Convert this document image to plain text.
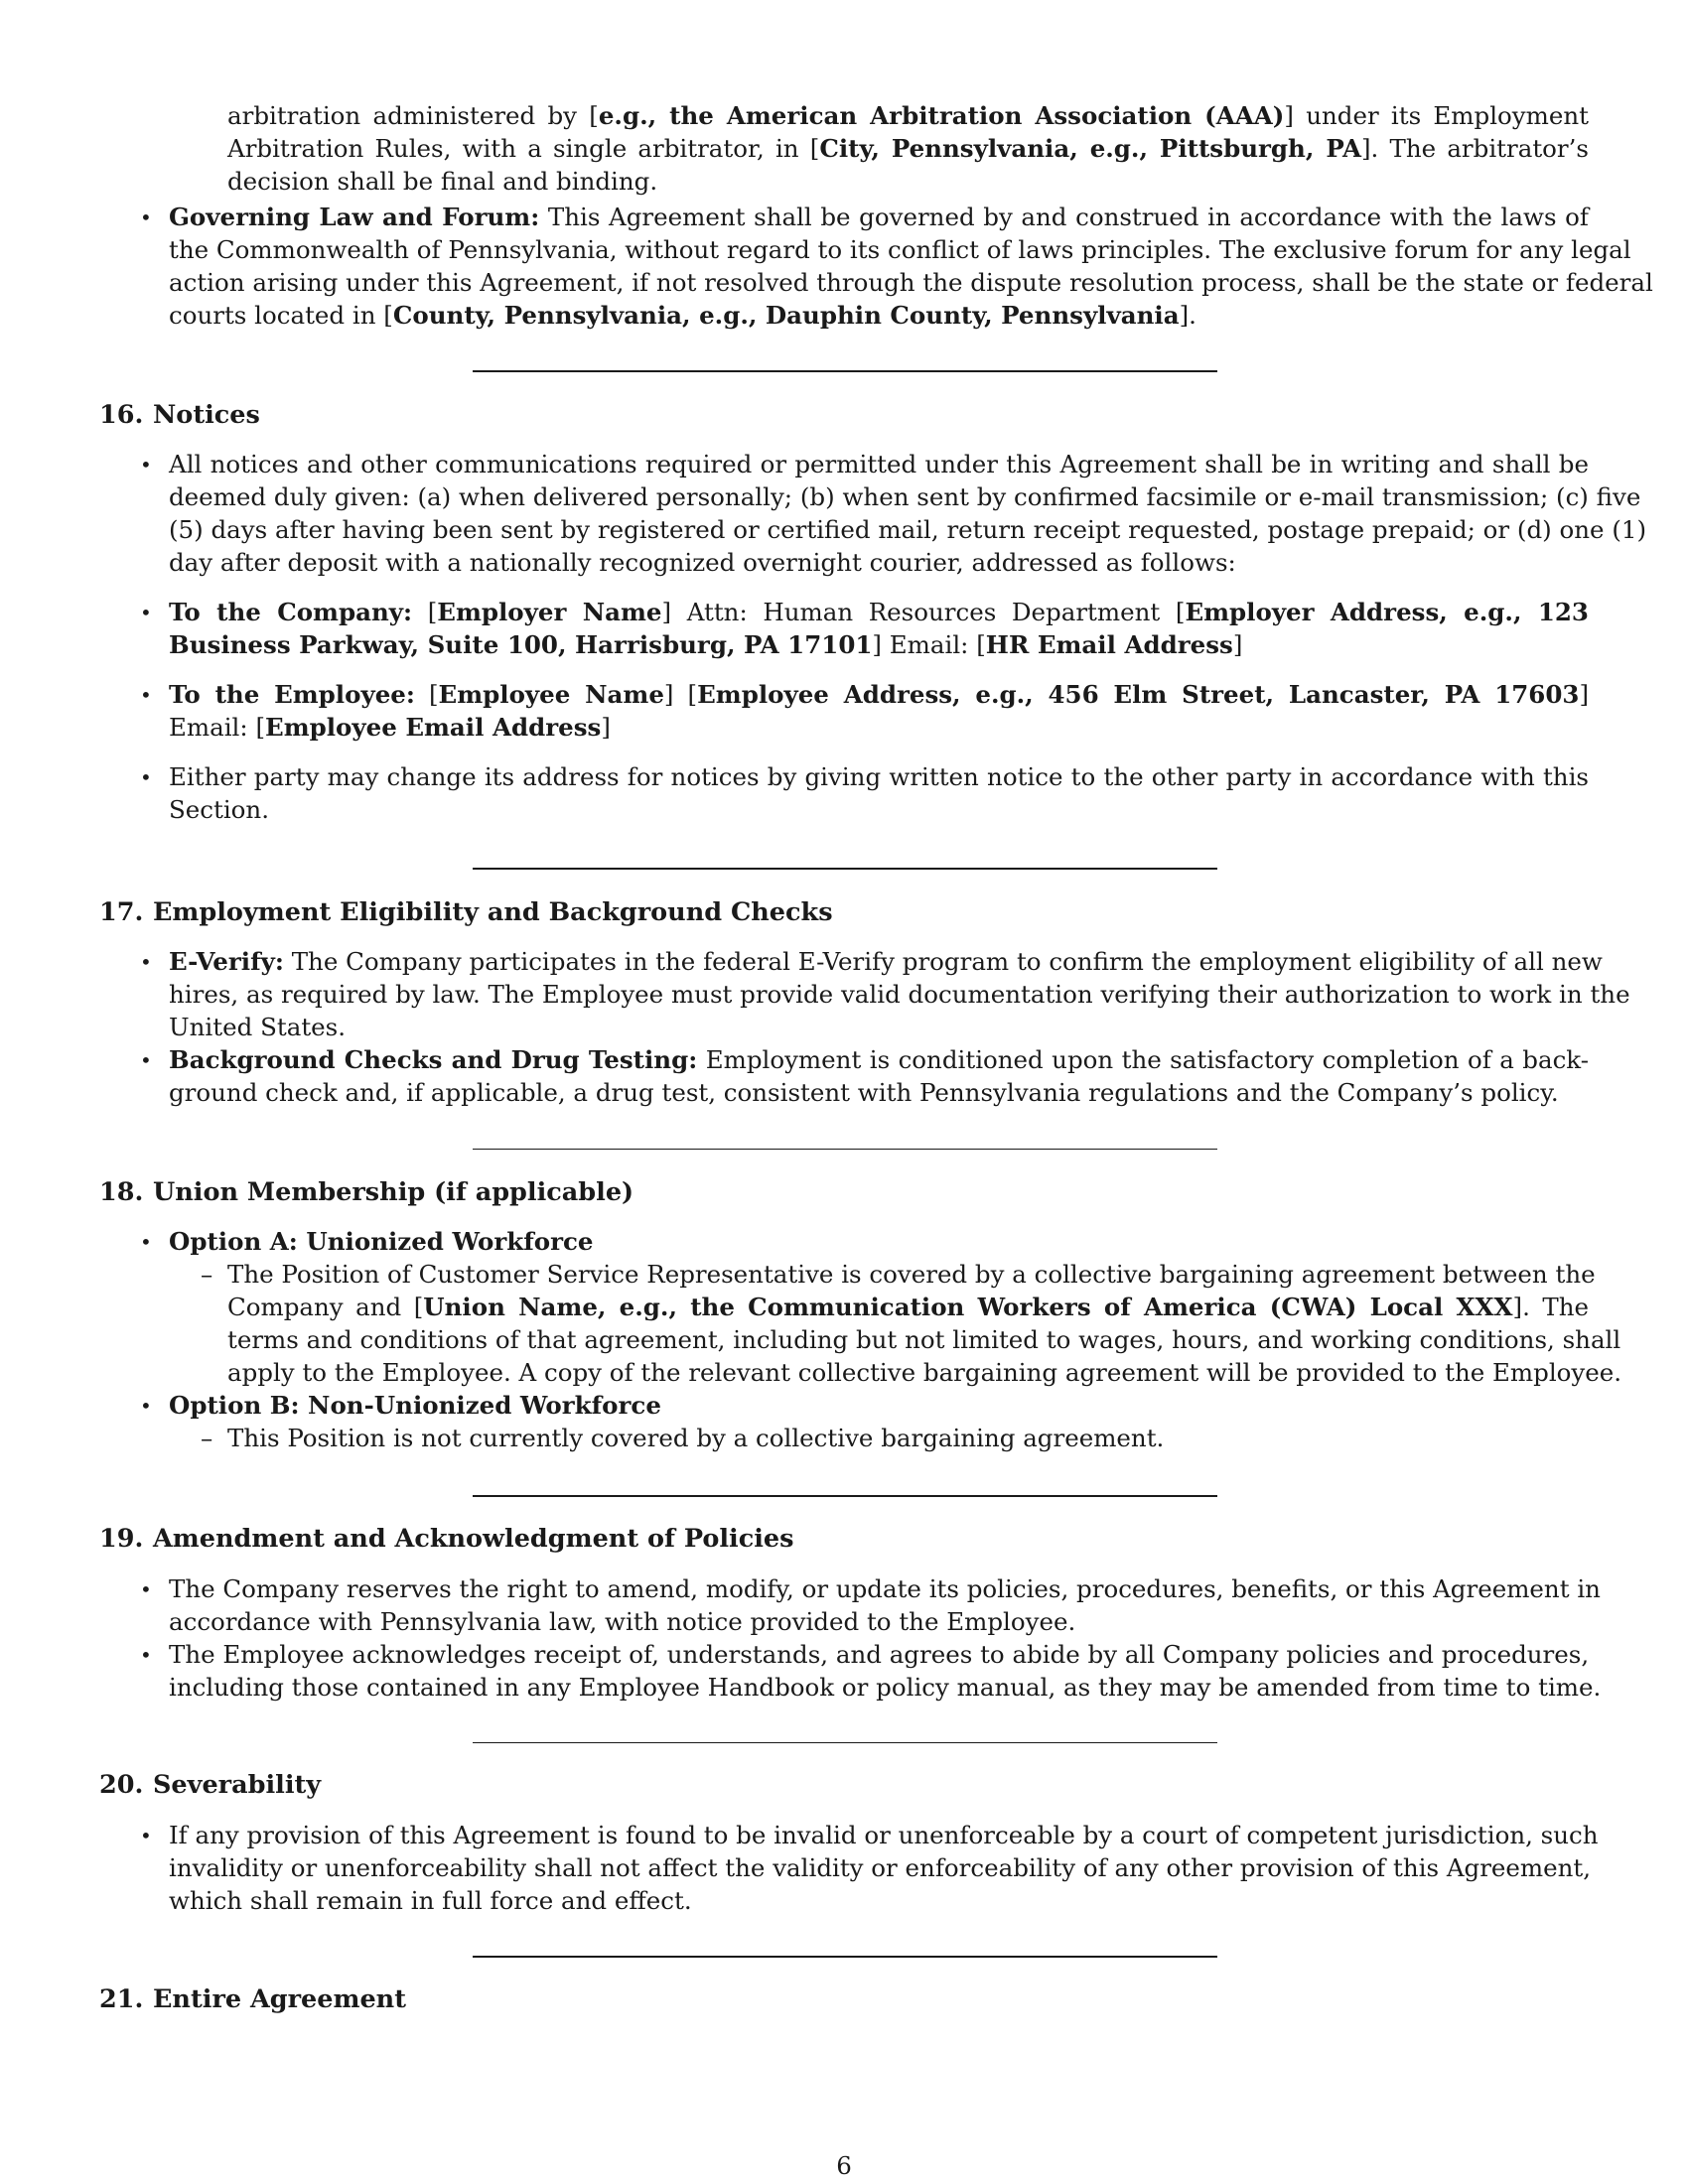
arbitration administered by [e.g., the American Arbitration Association (AAA)] under its Employment
Arbitration Rules, with a single arbitrator, in [City, Pennsylvania, e.g., Pittsburgh, PA]. The arbitrator’s
decision shall be final and binding.
• Governing Law and Forum: This Agreement shall be governed by and construed in accordance with the laws of
the Commonwealth of Pennsylvania, without regard to its conflict of laws principles. The exclusive forum for any legal
action arising under this Agreement, if not resolved through the dispute resolution process, shall be the state or federal
courts located in [County, Pennsylvania, e.g., Dauphin County, Pennsylvania].
16. Notices
• All notices and other communications required or permitted under this Agreement shall be in writing and shall be
deemed duly given: (a) when delivered personally; (b) when sent by confirmed facsimile or e-mail transmission; (c) five
(5) days after having been sent by registered or certified mail, return receipt requested, postage prepaid; or (d) one (1)
day after deposit with a nationally recognized overnight courier, addressed as follows:
• To the Company: [Employer Name] Attn: Human Resources Department [Employer Address, e.g., 123
Business Parkway, Suite 100, Harrisburg, PA 17101] Email: [HR Email Address]
• To the Employee: [Employee Name] [Employee Address, e.g., 456 Elm Street, Lancaster, PA 17603]
Email: [Employee Email Address]
• Either party may change its address for notices by giving written notice to the other party in accordance with this
Section.
17. Employment Eligibility and Background Checks
• E-Verify: The Company participates in the federal E-Verify program to confirm the employment eligibility of all new
hires, as required by law. The Employee must provide valid documentation verifying their authorization to work in the
United States.
• Background Checks and Drug Testing: Employment is conditioned upon the satisfactory completion of a back-
ground check and, if applicable, a drug test, consistent with Pennsylvania regulations and the Company’s policy.
18. Union Membership (if applicable)
• Option A: Unionized Workforce
– The Position of Customer Service Representative is covered by a collective bargaining agreement between the
Company and [Union Name, e.g., the Communication Workers of America (CWA) Local XXX]. The
terms and conditions of that agreement, including but not limited to wages, hours, and working conditions, shall
apply to the Employee. A copy of the relevant collective bargaining agreement will be provided to the Employee.
• Option B: Non-Unionized Workforce
– This Position is not currently covered by a collective bargaining agreement.
19. Amendment and Acknowledgment of Policies
• The Company reserves the right to amend, modify, or update its policies, procedures, benefits, or this Agreement in
accordance with Pennsylvania law, with notice provided to the Employee.
• The Employee acknowledges receipt of, understands, and agrees to abide by all Company policies and procedures,
including those contained in any Employee Handbook or policy manual, as they may be amended from time to time.
20. Severability
• If any provision of this Agreement is found to be invalid or unenforceable by a court of competent jurisdiction, such
invalidity or unenforceability shall not affect the validity or enforceability of any other provision of this Agreement,
which shall remain in full force and effect.
21. Entire Agreement
6
